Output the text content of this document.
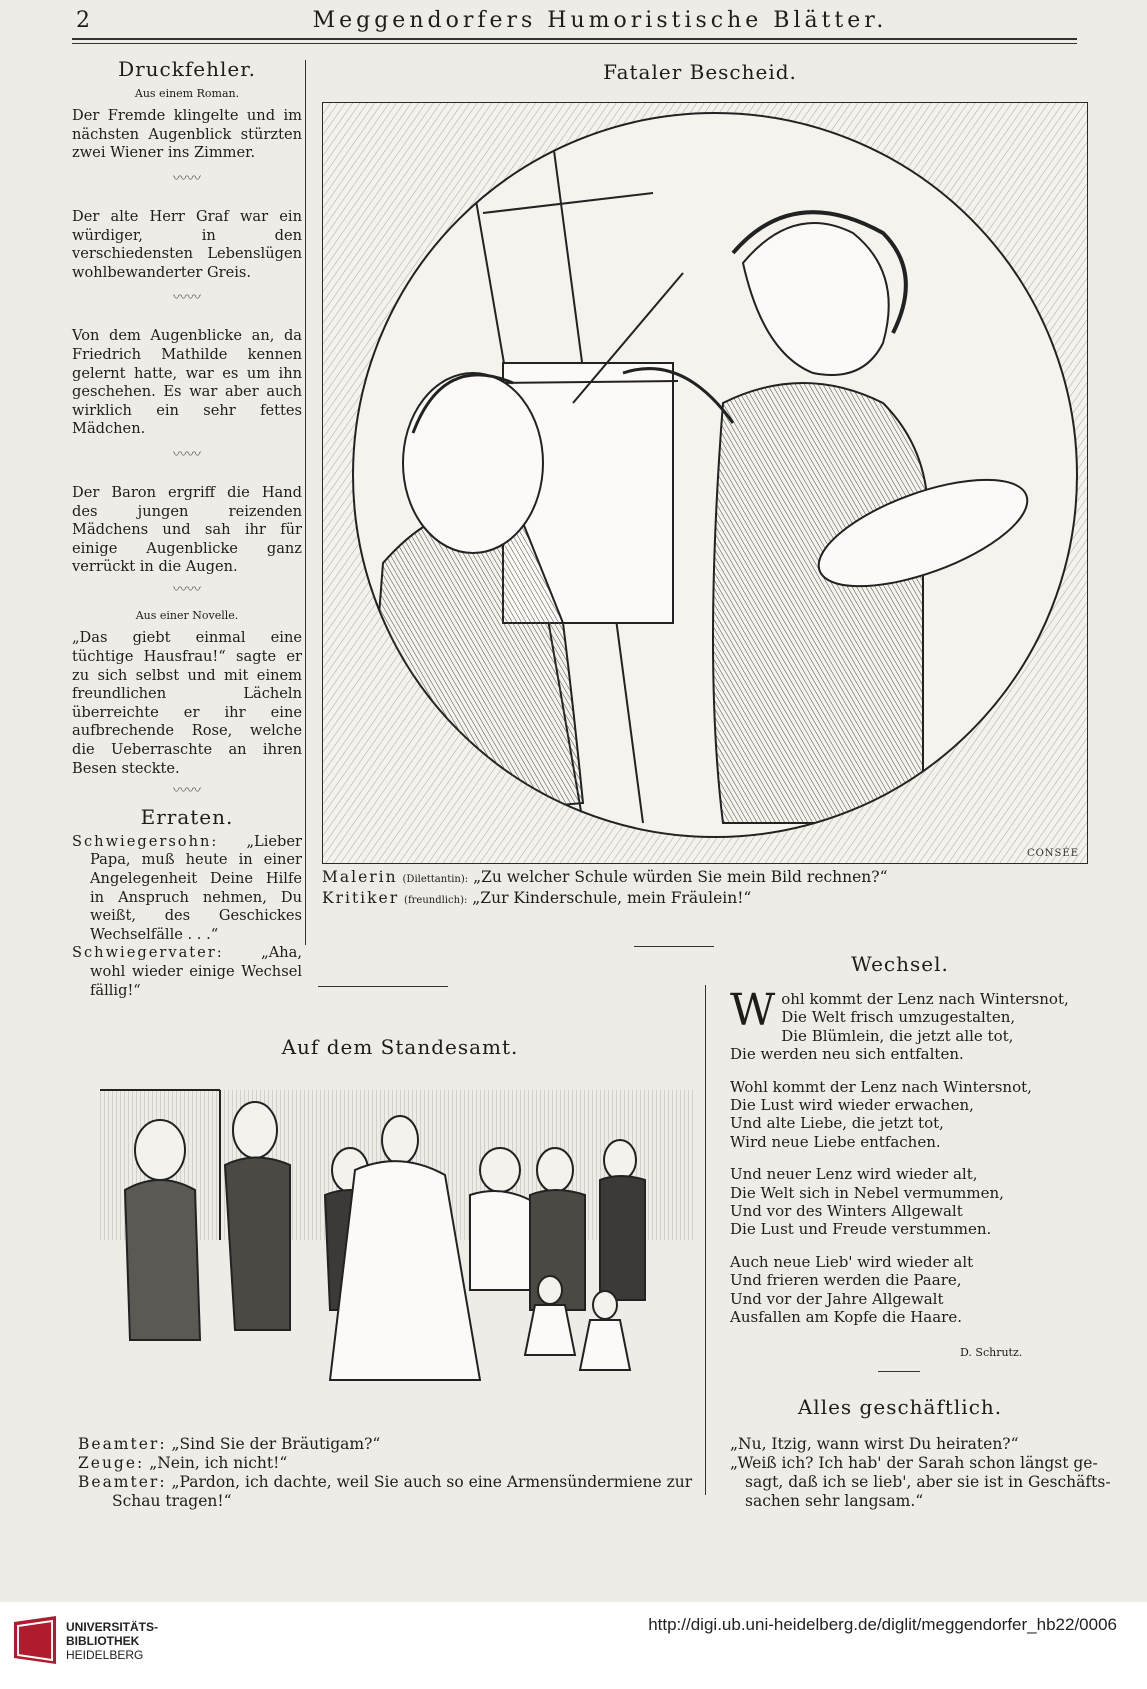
2	Meggendorfers Humoristische Blätter.
Druckfehler.
Aus einem Roman.

Der Fremde klingelte und im nächsten Augenblick stürzten zwei Wiener ins Zimmer.

〰〰

Der alte Herr Graf war ein würdiger, in den verschiedensten Lebenslügen wohlbewanderter Greis.

〰〰

Von dem Augenblicke an, da Friedrich Mathilde kennen gelernt hatte, war es um ihn geschehen. Es war aber auch wirklich ein sehr fettes Mädchen.

〰〰

Der Baron ergriff die Hand des jungen reizenden Mädchens und sah ihr für einige Augenblicke ganz verrückt in die Augen.

〰〰
Aus einer Novelle.

„Das giebt einmal eine tüchtige Hausfrau!“ sagte er zu sich selbst und mit einem freundlichen Lächeln überreichte er ihr eine aufbrechende Rose, welche die Ueberraschte an ihren Besen steckte.

〰〰
Erraten.

Schwiegersohn: „Lieber Papa, muß heute in einer Angelegenheit Deine Hilfe in Anspruch nehmen, Du weißt, des Geschickes Wechselfälle . . .“

Schwiegervater:	„Aha, wohl wieder einige Wechsel fällig!“

Fataler Bescheid.
CONSÉE
Malerin (Dilettantin): „Zu welcher Schule würden Sie mein Bild rechnen?“
Kritiker (freundlich): „Zur Kinderschule, mein Fräulein!“
Auf dem Standesamt.
Beamter: „Sind Sie der Bräutigam?“
Zeuge: „Nein, ich nicht!“
Beamter: „Pardon, ich dachte, weil Sie auch so eine Armensündermiene zur
Schau tragen!“
Wechsel.

W ohl kommt der Lenz nach Wintersnot,
Die Welt frisch umzugestalten,
Die Blümlein, die jetzt alle tot,
Die werden neu sich entfalten.

Wohl kommt der Lenz nach Wintersnot,
Die Lust wird wieder erwachen,
Und alte Liebe, die jetzt tot,
Wird neue Liebe entfachen.

Und neuer Lenz wird wieder alt,
Die Welt sich in Nebel vermummen,
Und vor des Winters Allgewalt
Die Lust und Freude verstummen.

Auch neue Lieb' wird wieder alt
Und frieren werden die Paare,
Und vor der Jahre Allgewalt
Ausfallen am Kopfe die Haare.

D. Schrutz.
Alles geschäftlich.
„Nu, Itzig, wann wirst Du heiraten?“
„Weiß ich? Ich hab' der Sarah schon längst ge-
sagt, daß ich se lieb', aber sie ist in Geschäfts-
sachen sehr langsam.“
UNIVERSITÄTS-
BIBLIOTHEK
HEIDELBERG
http://digi.ub.uni-heidelberg.de/diglit/meggendorfer_hb22/0006
